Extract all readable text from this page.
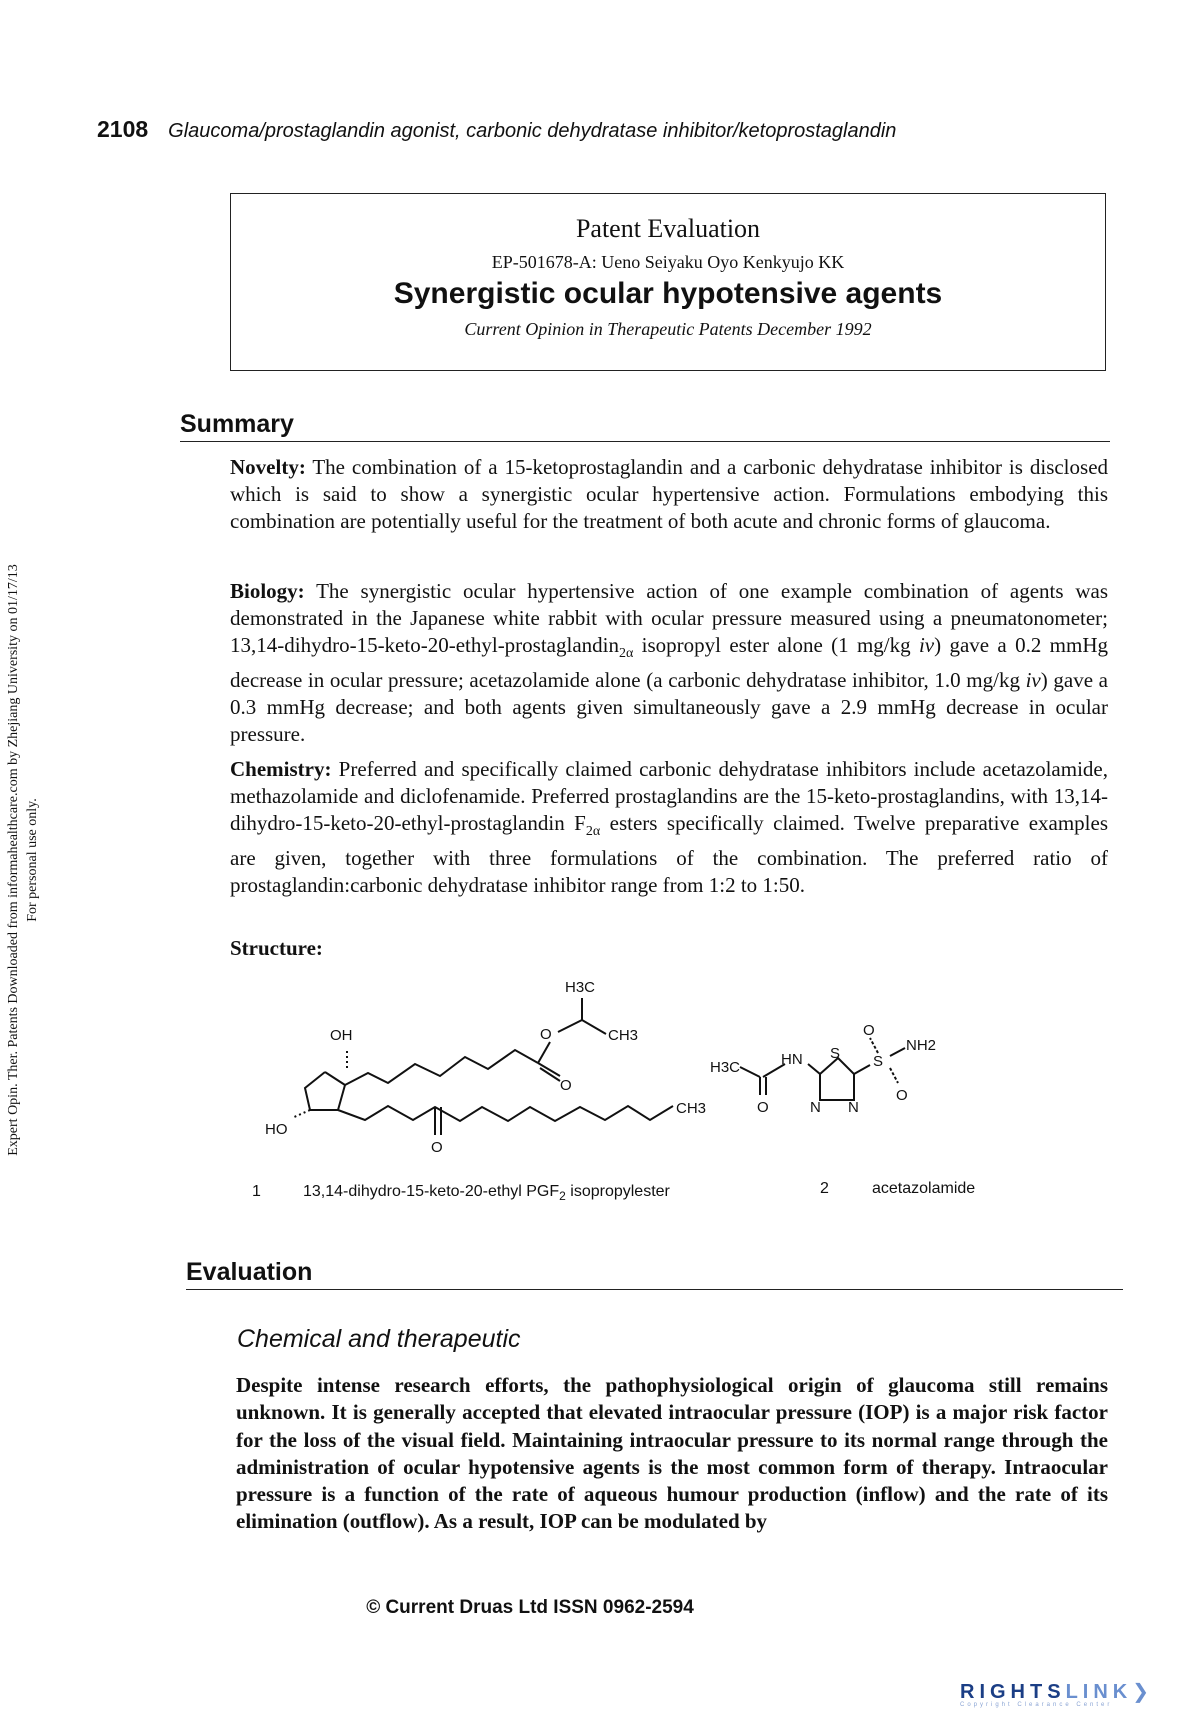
2108 Glaucoma/prostaglandin agonist, carbonic dehydratase inhibitor/ketoprostaglandin
Expert Opin. Ther. Patents Downloaded from informahealthcare.com by Zhejiang University on 01/17/13 For personal use only.
Patent Evaluation
EP-501678-A: Ueno Seiyaku Oyo Kenkyujo KK
Synergistic ocular hypotensive agents
Current Opinion in Therapeutic Patents December 1992
Summary
Novelty: The combination of a 15-ketoprostaglandin and a carbonic dehydratase inhibitor is disclosed which is said to show a synergistic ocular hypertensive action. Formulations embodying this combination are potentially useful for the treatment of both acute and chronic forms of glaucoma.
Biology: The synergistic ocular hypertensive action of one example combination of agents was demonstrated in the Japanese white rabbit with ocular pressure measured using a pneumatonometer; 13,14-dihydro-15-keto-20-ethyl-prostaglandin$_{2\alpha}$ isopropyl ester alone (1 mg/kg iv) gave a 0.2 mmHg decrease in ocular pressure; acetazolamide alone (a carbonic dehydratase inhibitor, 1.0 mg/kg iv) gave a 0.3 mmHg decrease; and both agents given simultaneously gave a 2.9 mmHg decrease in ocular pressure.
Chemistry: Preferred and specifically claimed carbonic dehydratase inhibitors include acetazolamide, methazolamide and diclofenamide. Preferred prostaglandins are the 15-keto-prostaglandins, with 13,14-dihydro-15-keto-20-ethyl-prostaglandin $F_{2\alpha}$ esters specifically claimed. Twelve preparative examples are given, together with three formulations of the combination. The preferred ratio of prostaglandin:carbonic dehydratase inhibitor range from 1:2 to 1:50.
Structure:
H3C
O	CH3
OH
O
HO
CH3
O
H3C	HN S S
O
O
NH2
N N
O
1	13,14-dihydro-15-keto-20-ethyl $PGF_2$ isopropylester	2	acetazolamide
Evaluation
Chemical and therapeutic
Despite intense research efforts, the pathophysiological origin of glaucoma still remains unknown. It is generally accepted that elevated intraocular pressure (IOP) is a major risk factor for the loss of the visual field. Maintaining intraocular pressure to its normal range through the administration of ocular hypotensive agents is the most common form of therapy. Intraocular pressure is a function of the rate of aqueous humour production (inflow) and the rate of its elimination (outflow). As a result, IOP can be modulated by
© Current Druas Ltd ISSN 0962-2594
RIGHTSLINK❯
Copyright Clearance Center
